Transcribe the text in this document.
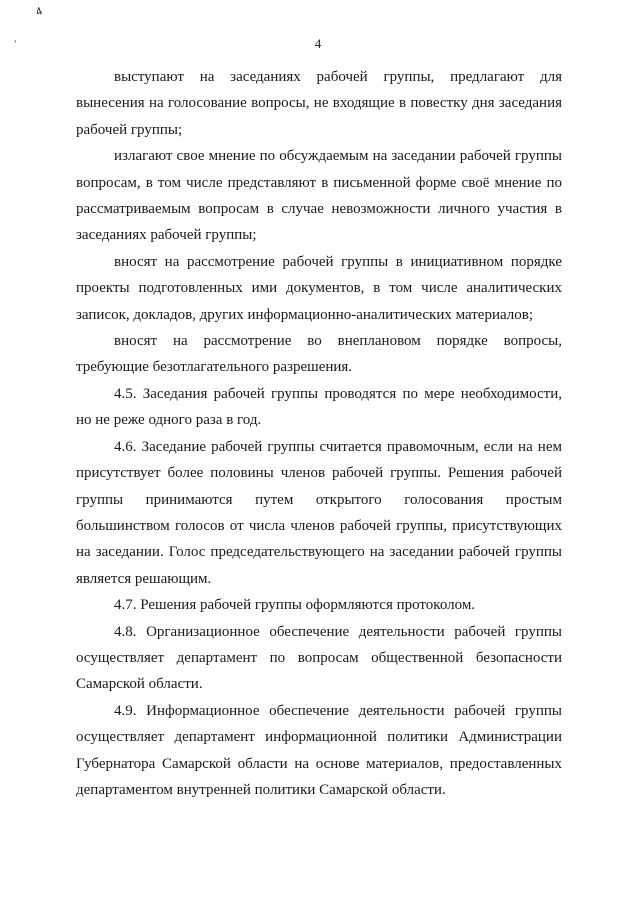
4
ʼ	4

выступают на заседаниях рабочей группы, предлагают для вынесения на голосование вопросы, не входящие в повестку дня заседания рабочей группы;

излагают свое мнение по обсуждаемым на заседании рабочей группы вопросам, в том числе представляют в письменной форме своё мнение по рассматриваемым вопросам в случае невозможности личного участия в заседаниях рабочей группы;

вносят на рассмотрение рабочей группы в инициативном порядке проекты подготовленных ими документов, в том числе аналитических записок, докладов, других информационно-аналитических материалов;

вносят на рассмотрение во внеплановом порядке вопросы, требующие безотлагательного разрешения.

4.5. Заседания рабочей группы проводятся по мере необходимости, но не реже одного раза в год.

4.6. Заседание рабочей группы считается правомочным, если на нем присутствует более половины членов рабочей группы. Решения рабочей группы принимаются путем открытого голосования простым большинством голосов от числа членов рабочей группы, присутствующих на заседании. Голос председательствующего на заседании рабочей группы является решающим.

4.7. Решения рабочей группы оформляются протоколом.

4.8. Организационное обеспечение деятельности рабочей группы осуществляет департамент по вопросам общественной безопасности Самарской области.

4.9. Информационное обеспечение деятельности рабочей группы осуществляет департамент информационной политики Администрации Губернатора Самарской области на основе материалов, предоставленных департаментом внутренней политики Самарской области.
